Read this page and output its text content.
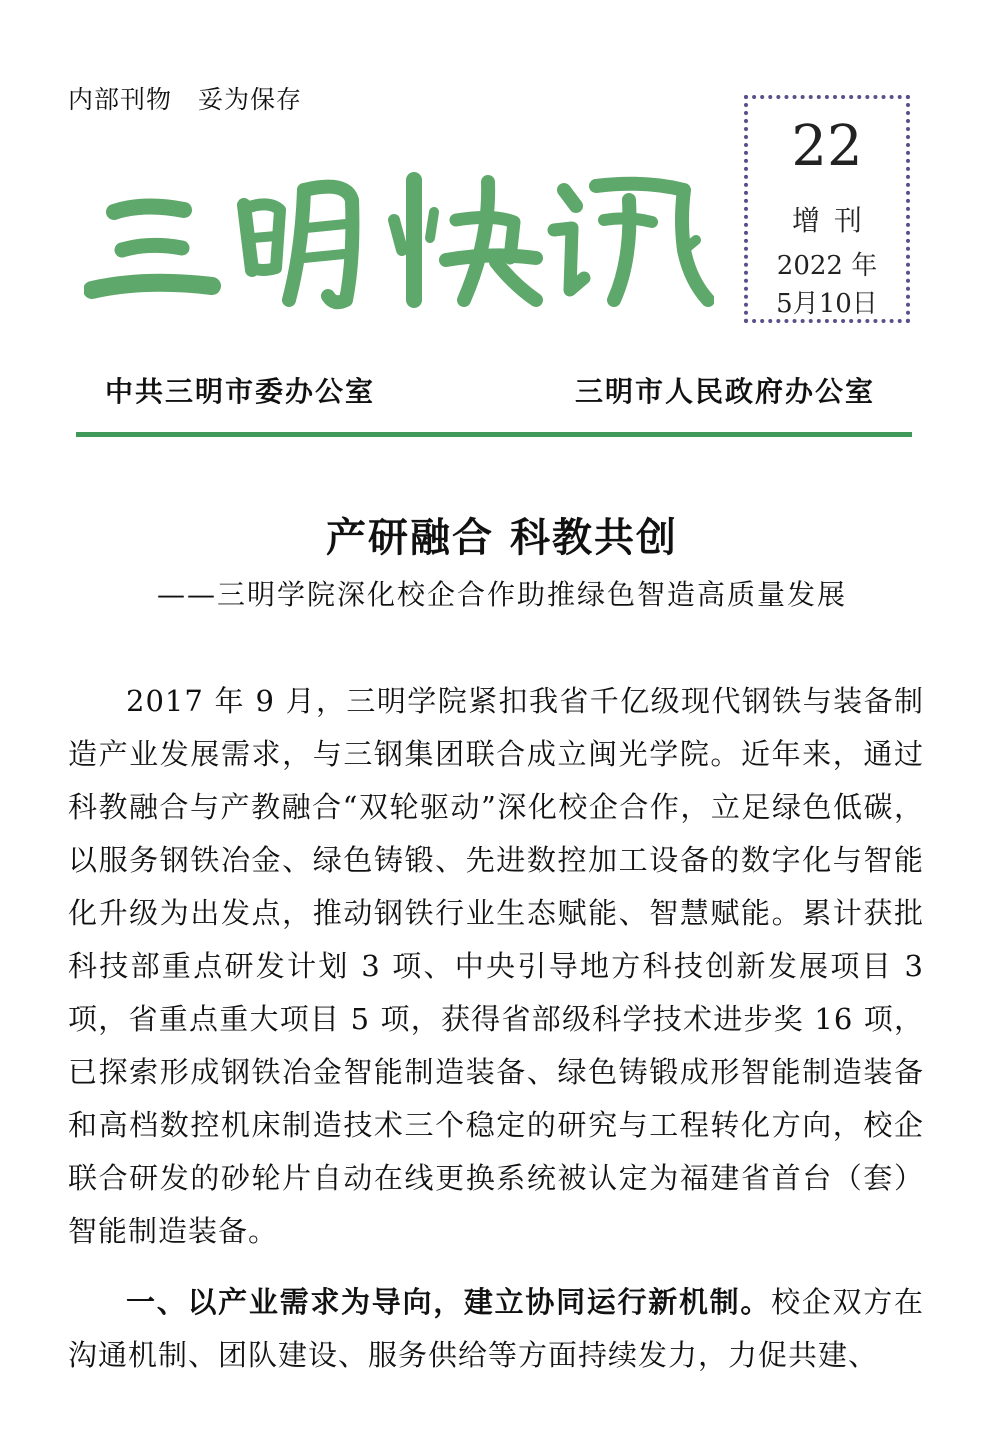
内部刊物　妥为保存
22
增刊
2022 年
5月10日
中共三明市委办公室	三明市人民政府办公室
产研融合 科教共创
——三明学院深化校企合作助推绿色智造高质量发展

2017 年 9 月，三明学院紧扣我省千亿级现代钢铁与装备制造产业发展需求，与三钢集团联合成立闽光学院。近年来，通过科教融合与产教融合“双轮驱动”深化校企合作，立足绿色低碳，以服务钢铁冶金、绿色铸锻、先进数控加工设备的数字化与智能化升级为出发点，推动钢铁行业生态赋能、智慧赋能。累计获批科技部重点研发计划 3 项、中央引导地方科技创新发展项目 3 项，省重点重大项目 5 项，获得省部级科学技术进步奖 16 项，已探索形成钢铁冶金智能制造装备、绿色铸锻成形智能制造装备和高档数控机床制造技术三个稳定的研究与工程转化方向，校企联合研发的砂轮片自动在线更换系统被认定为福建省首台（套）智能制造装备。

一、以产业需求为导向，建立协同运行新机制。校企双方在沟通机制、团队建设、服务供给等方面持续发力，力促共建、
